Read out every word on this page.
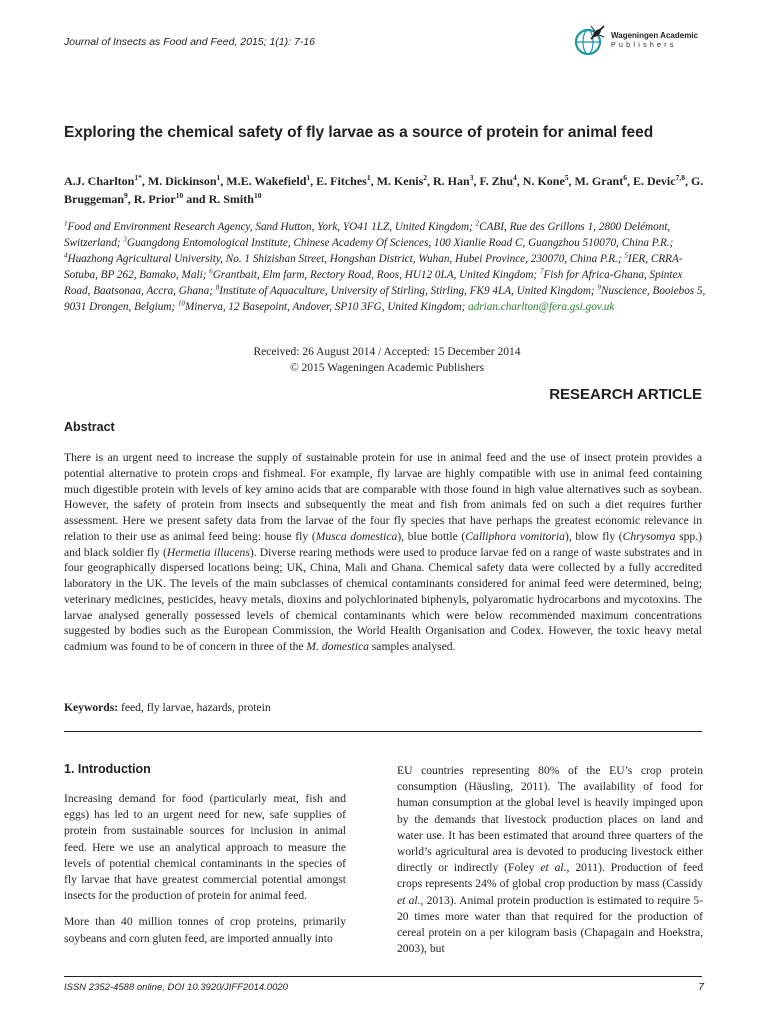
Journal of Insects as Food and Feed, 2015; 1(1): 7-16
Wageningen Academic
Publishers
Exploring the chemical safety of fly larvae as a source of protein for animal feed
A.J. Charlton$^{1*}$, M. Dickinson$^1$, M.E. Wakefield$^1$, E. Fitches$^1$, M. Kenis$^2$, R. Han$^3$, F. Zhu$^4$, N. Kone$^5$, M. Grant$^6$, E. Devic$^{7,8}$, G. Bruggeman$^9$, R. Prior$^{10}$ and R. Smith$^{10}$
$^1$Food and Environment Research Agency, Sand Hutton, York, YO41 1LZ, United Kingdom; $^2$CABI, Rue des Grillons 1, 2800 Delémont, Switzerland; $^3$Guangdong Entomological Institute, Chinese Academy Of Sciences, 100 Xianlie Road C, Guangzhou 510070, China P.R.; $^4$Huazhong Agricultural University, No. 1 Shizishan Street, Hongshan District, Wuhan, Hubei Province, 230070, China P.R.; $^5$IER, CRRA-Sotuba, BP 262, Bamako, Mali; $^6$Grantbait, Elm farm, Rectory Road, Roos, HU12 0LA, United Kingdom; $^7$Fish for Africa-Ghana, Spintex Road, Baatsonaa, Accra, Ghana; $^8$Institute of Aquaculture, University of Stirling, Stirling, FK9 4LA, United Kingdom; $^9$Nuscience, Booiebos 5, 9031 Drongen, Belgium; $^{10}$Minerva, 12 Basepoint, Andover, SP10 3FG, United Kingdom; adrian.charlton@fera.gsi.gov.uk
Received: 26 August 2014 / Accepted: 15 December 2014
© 2015 Wageningen Academic Publishers
RESEARCH ARTICLE
Abstract
There is an urgent need to increase the supply of sustainable protein for use in animal feed and the use of insect protein provides a potential alternative to protein crops and fishmeal. For example, fly larvae are highly compatible with use in animal feed containing much digestible protein with levels of key amino acids that are comparable with those found in high value alternatives such as soybean. However, the safety of protein from insects and subsequently the meat and fish from animals fed on such a diet requires further assessment. Here we present safety data from the larvae of the four fly species that have perhaps the greatest economic relevance in relation to their use as animal feed being: house fly (Musca domestica), blue bottle (Calliphora vomitoria), blow fly (Chrysomya spp.) and black soldier fly (Hermetia illucens). Diverse rearing methods were used to produce larvae fed on a range of waste substrates and in four geographically dispersed locations being; UK, China, Mali and Ghana. Chemical safety data were collected by a fully accredited laboratory in the UK. The levels of the main subclasses of chemical contaminants considered for animal feed were determined, being; veterinary medicines, pesticides, heavy metals, dioxins and polychlorinated biphenyls, polyaromatic hydrocarbons and mycotoxins. The larvae analysed generally possessed levels of chemical contaminants which were below recommended maximum concentrations suggested by bodies such as the European Commission, the World Health Organisation and Codex. However, the toxic heavy metal cadmium was found to be of concern in three of the M. domestica samples analysed.
Keywords: feed, fly larvae, hazards, protein
1. Introduction

Increasing demand for food (particularly meat, fish and eggs) has led to an urgent need for new, safe supplies of protein from sustainable sources for inclusion in animal feed. Here we use an analytical approach to measure the levels of potential chemical contaminants in the species of fly larvae that have greatest commercial potential amongst insects for the production of protein for animal feed.

More than 40 million tonnes of crop proteins, primarily soybeans and corn gluten feed, are imported annually into

EU countries representing 80% of the EU’s crop protein consumption (Häusling, 2011). The availability of food for human consumption at the global level is heavily impinged upon by the demands that livestock production places on land and water use. It has been estimated that around three quarters of the world’s agricultural area is devoted to producing livestock either directly or indirectly (Foley et al., 2011). Production of feed crops represents 24% of global crop production by mass (Cassidy et al., 2013). Animal protein production is estimated to require 5-20 times more water than that required for the production of cereal protein on a per kilogram basis (Chapagain and Hoekstra, 2003), but
ISSN 2352-4588 online, DOI 10.3920/JIFF2014.0020	7
